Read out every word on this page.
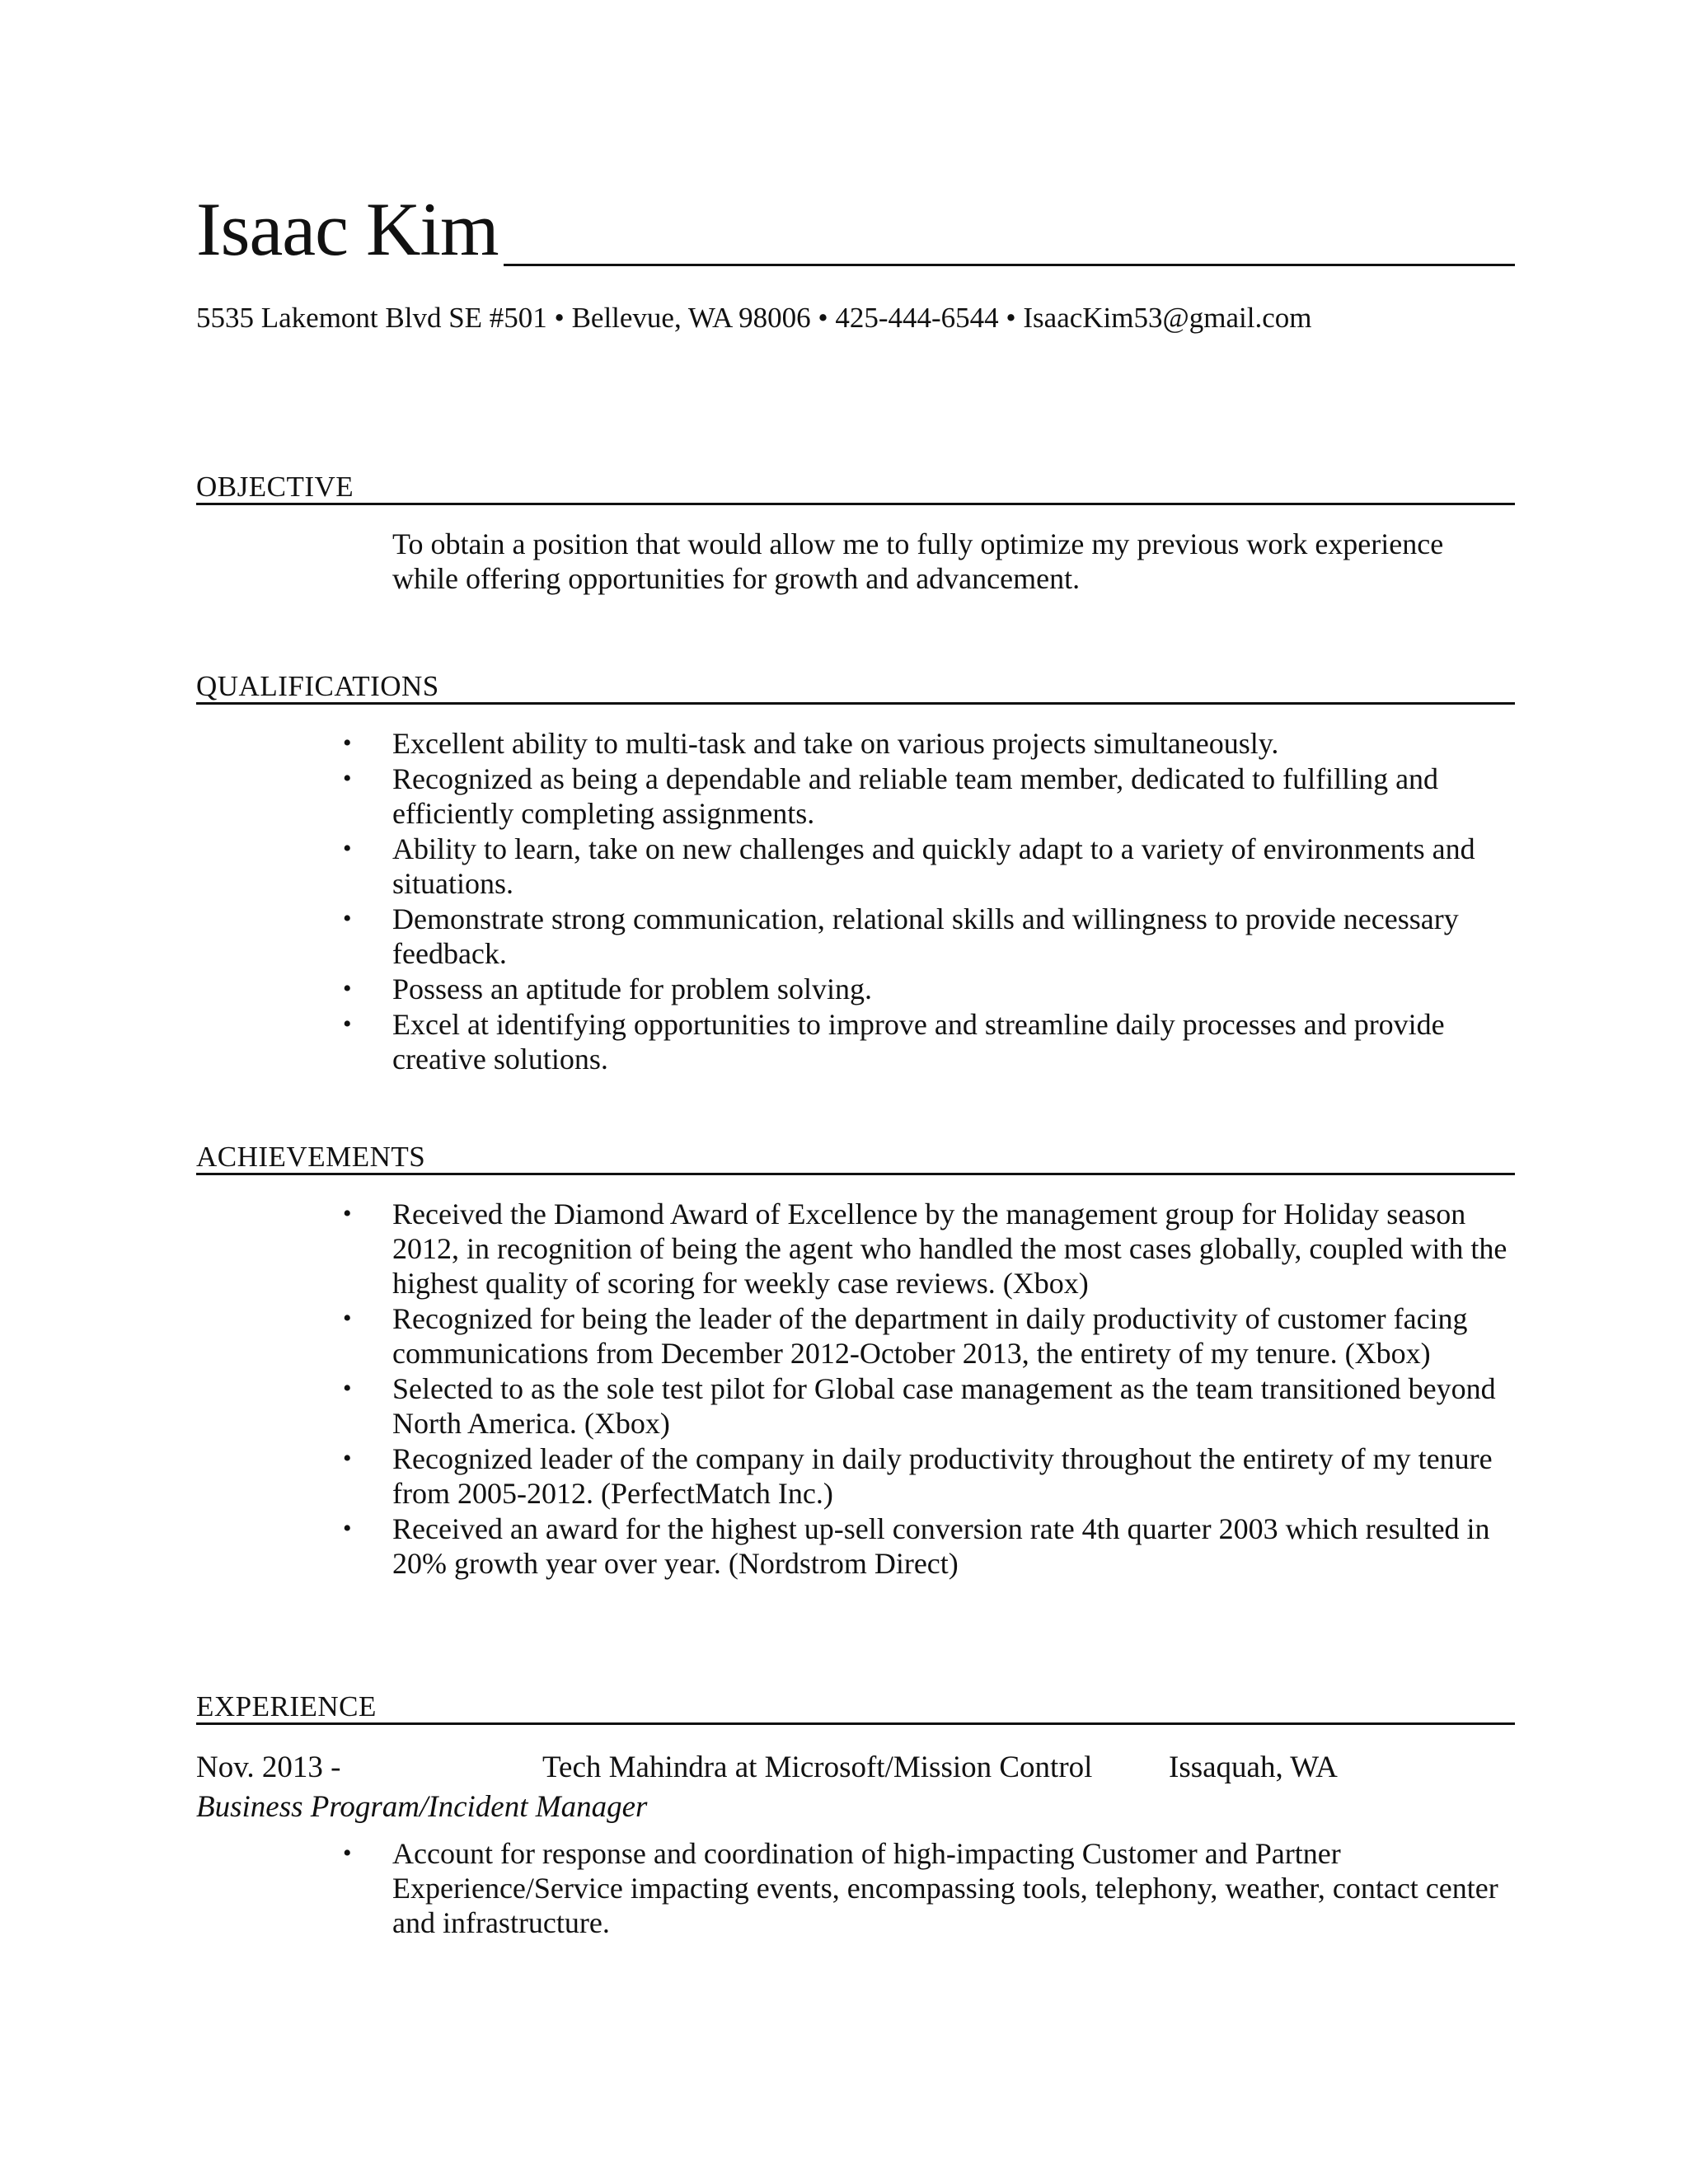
Isaac Kim
5535 Lakemont Blvd SE #501 • Bellevue, WA 98006 • 425-444-6544 • IsaacKim53@gmail.com
OBJECTIVE
To obtain a position that would allow me to fully optimize my previous work experience while offering opportunities for growth and advancement.
QUALIFICATIONS
• Excellent ability to multi-task and take on various projects simultaneously.
• Recognized as being a dependable and reliable team member, dedicated to fulfilling and efficiently completing assignments.
• Ability to learn, take on new challenges and quickly adapt to a variety of environments and situations.
• Demonstrate strong communication, relational skills and willingness to provide necessary feedback.
• Possess an aptitude for problem solving.
• Excel at identifying opportunities to improve and streamline daily processes and provide creative solutions.
ACHIEVEMENTS
• Received the Diamond Award of Excellence by the management group for Holiday season 2012, in recognition of being the agent who handled the most cases globally, coupled with the highest quality of scoring for weekly case reviews. (Xbox)
• Recognized for being the leader of the department in daily productivity of customer facing communications from December 2012-October 2013, the entirety of my tenure. (Xbox)
• Selected to as the sole test pilot for Global case management as the team transitioned beyond North America. (Xbox)
• Recognized leader of the company in daily productivity throughout the entirety of my tenure from 2005-2012. (PerfectMatch Inc.)
• Received an award for the highest up-sell conversion rate 4th quarter 2003 which resulted in 20% growth year over year. (Nordstrom Direct)
EXPERIENCE
Nov. 2013 -	Tech Mahindra at Microsoft/Mission Control	Issaquah, WA
Business Program/Incident Manager
• Account for response and coordination of high-impacting Customer and Partner Experience/Service impacting events, encompassing tools, telephony, weather, contact center and infrastructure.
